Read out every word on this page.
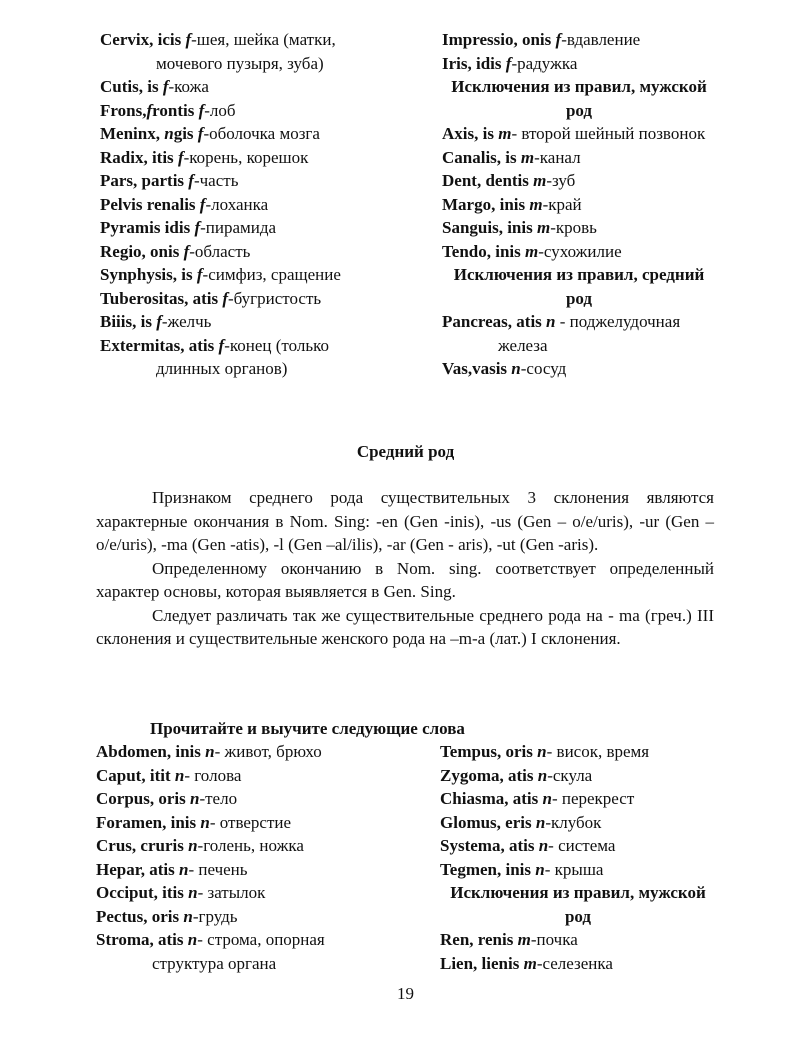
Cervix, icis f-шея, шейка (матки, мочевого пузыря, зуба)
Cutis, is f-кожа
Frons,frontis f-лоб
Meninx, ngis f-оболочка мозга
Radix, itis f-корень, корешок
Pars, partis f-часть
Pelvis renalis f-лоханка
Pyramis idis f-пирамида
Regio, onis f-область
Synphysis, is f-симфиз, сращение
Tuberositas, atis f-бугристость
Biiis, is f-желчь
Extermitas, atis f-конец (только длинных органов)
Impressio, onis f-вдавление
Iris, idis f-радужка
Исключения из правил, мужской род
Axis, is m- второй шейный позвонок
Canalis, is m-канал
Dent, dentis m-зуб
Margo, inis m-край
Sanguis, inis m-кровь
Tendo, inis m-сухожилие
Исключения из правил, средний род
Pancreas, atis n - поджелудочная железа
Vas,vasis n-сосуд
Средний род

Признаком среднего рода существительных 3 склонения являются характерные окончания в Nom. Sing: -en (Gen -inis), -us (Gen – o/e/uris), -ur (Gen –o/e/uris), -ma (Gen -atis), -l (Gen –al/ilis), -ar (Gen - aris), -ut (Gen -aris).

Определенному окончанию в Nom. sing. соответствует определенный характер основы, которая выявляется в Gen. Sing.

Следует различать так же существительные среднего рода на - ma (греч.) III склонения и существительные женского рода на –m-a (лат.) I склонения.

Прочитайте и выучите следующие слова
Abdomen, inis n- живот, брюхо
Caput, itit n- голова
Corpus, oris n-тело
Foramen, inis n- отверстие
Crus, cruris n-голень, ножка
Hepar, atis n- печень
Occiput, itis n- затылок
Pectus, oris n-грудь
Stroma, atis n- строма, опорная структура органа
Tempus, oris n- висок, время
Zygoma, atis n-скула
Chiasma, atis n- перекрест
Glomus, eris n-клубок
Systema, atis n- система
Tegmen, inis n- крыша
Исключения из правил, мужской род
Ren, renis m-почка
Lien, lienis m-селезенка
19
